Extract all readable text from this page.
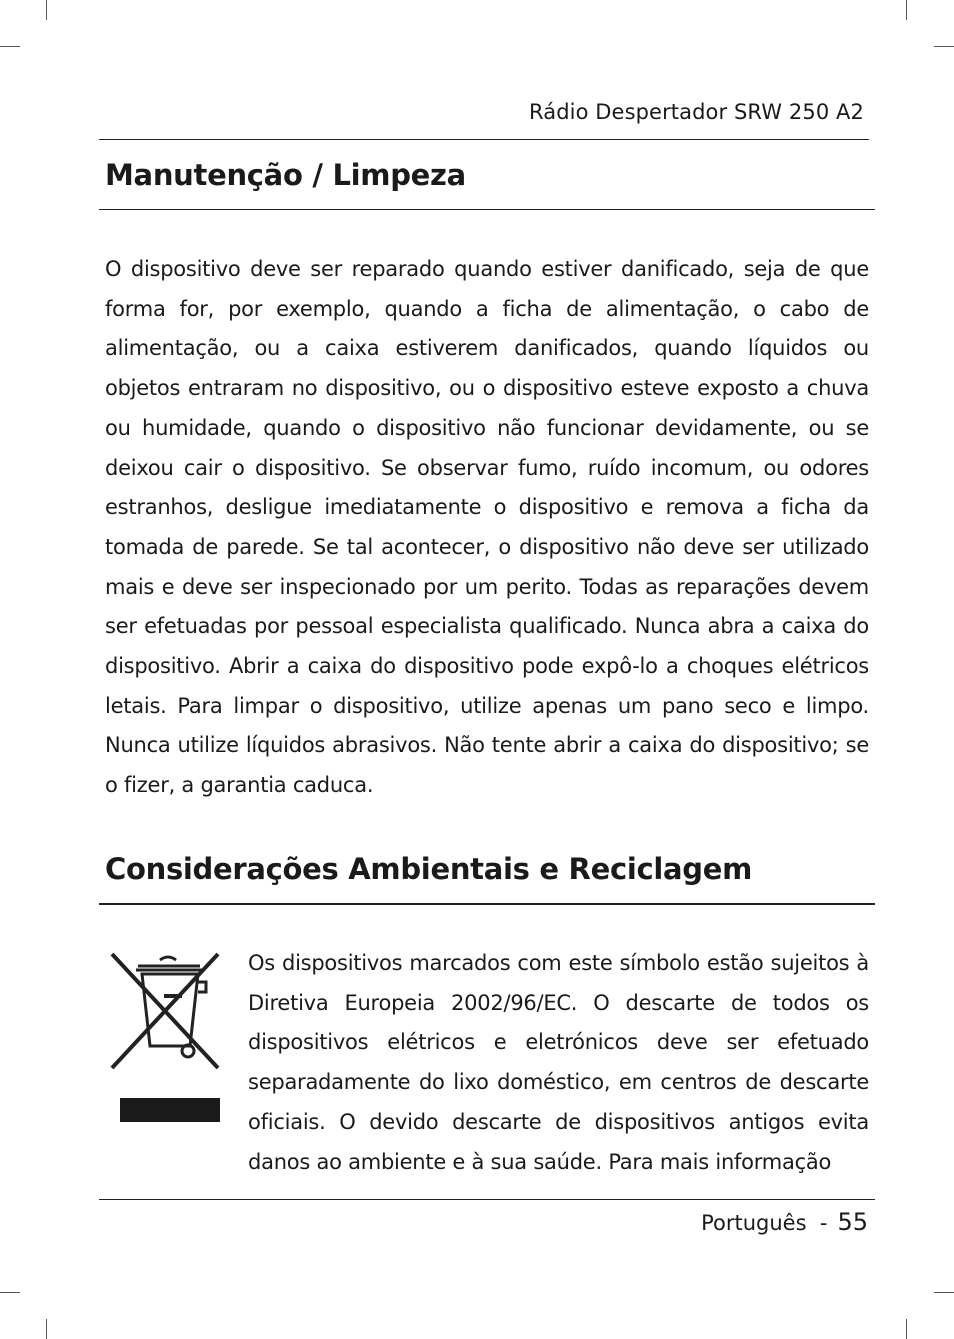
Rádio Despertador SRW 250 A2
Manutenção / Limpeza

O dispositivo deve ser reparado quando estiver danificado, seja de que forma for, por exemplo, quando a ficha de alimentação, o cabo de alimentação, ou a caixa estiverem danificados, quando líquidos ou objetos entraram no dispositivo, ou o dispositivo esteve exposto a chuva ou humidade, quando o dispositivo não funcionar devidamente, ou se deixou cair o dispositivo. Se observar fumo, ruído incomum, ou odores estranhos, desligue imediatamente o dispositivo e remova a ficha da tomada de parede. Se tal acontecer, o dispositivo não deve ser utilizado mais e deve ser inspecionado por um perito. Todas as reparações devem ser efetuadas por pessoal especialista qualificado. Nunca abra a caixa do dispositivo. Abrir a caixa do dispositivo pode expô-lo a choques elétricos letais. Para limpar o dispositivo, utilize apenas um pano seco e limpo. Nunca utilize líquidos abrasivos. Não tente abrir a caixa do dispositivo; se o fizer, a garantia caduca.

Considerações Ambientais e Reciclagem

Os dispositivos marcados com este símbolo estão sujeitos à Diretiva Europeia 2002/96/EC. O descarte de todos os dispositivos elétricos e eletrónicos deve ser efetuado separadamente do lixo doméstico, em centros de descarte oficiais. O devido descarte de dispositivos antigos evita danos ao ambiente e à sua saúde. Para mais informação

Português  - 55
